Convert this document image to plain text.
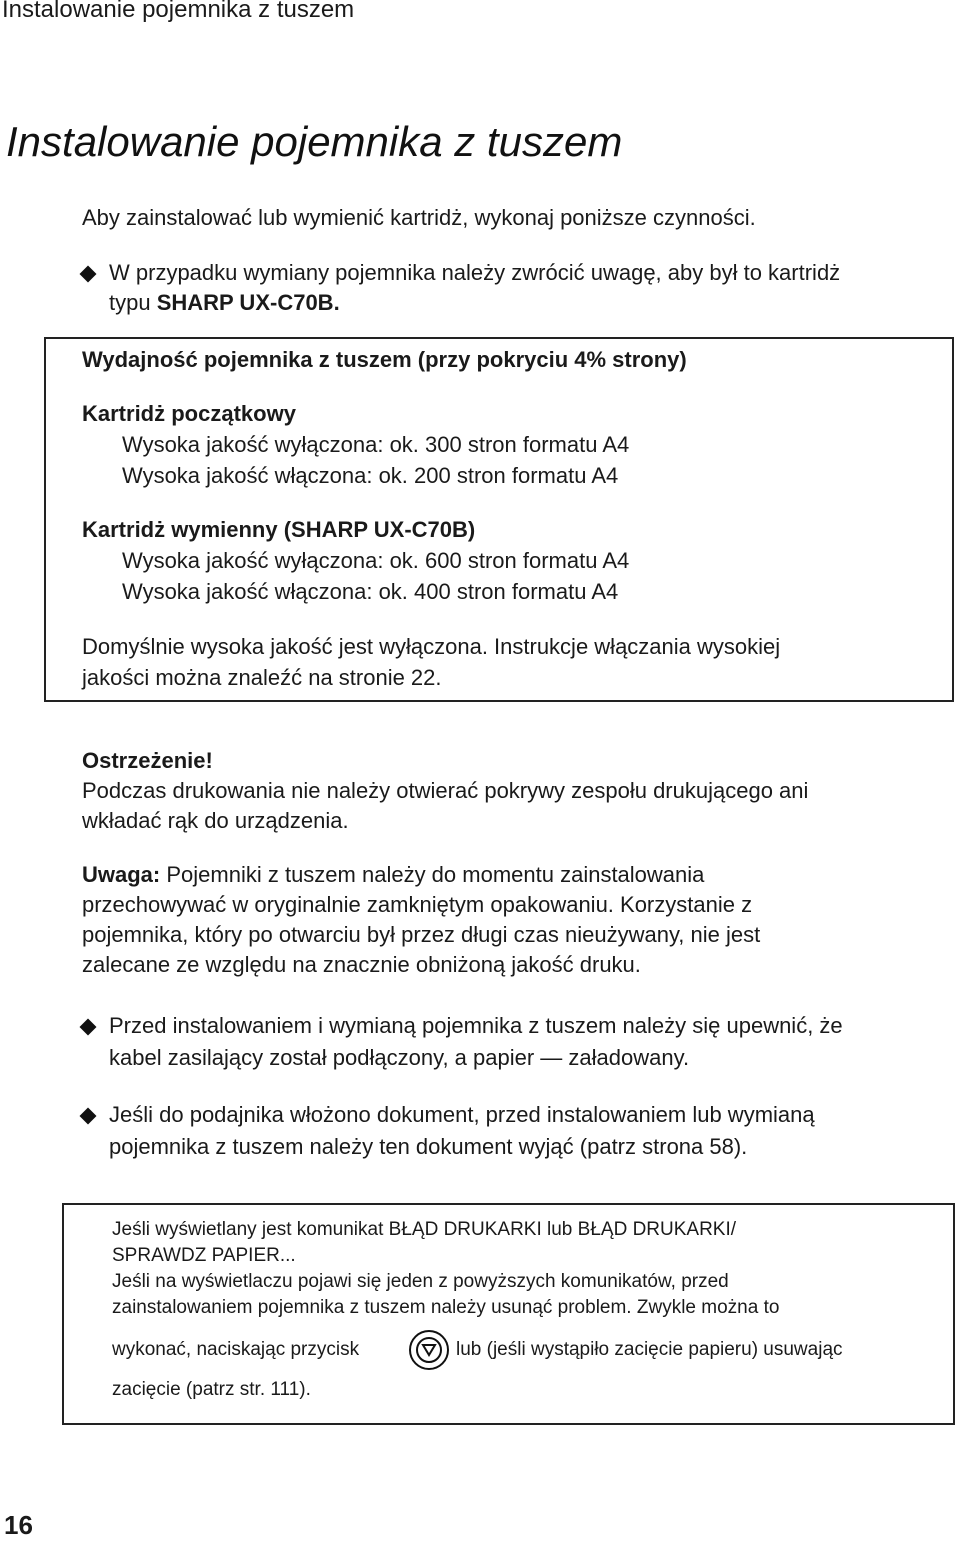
Instalowanie pojemnika z tuszem
Instalowanie pojemnika z tuszem
Aby zainstalować lub wymienić kartridż, wykonaj poniższe czynności.
W przypadku wymiany pojemnika należy zwrócić uwagę, aby był to kartridż
typu SHARP UX-C70B.
Wydajność pojemnika z tuszem (przy pokryciu 4% strony)
Kartridż początkowy
Wysoka jakość wyłączona: ok. 300 stron formatu A4
Wysoka jakość włączona: ok. 200 stron formatu A4
Kartridż wymienny (SHARP UX-C70B)
Wysoka jakość wyłączona: ok. 600 stron formatu A4
Wysoka jakość włączona: ok. 400 stron formatu A4
Domyślnie wysoka jakość jest wyłączona. Instrukcje włączania wysokiej
jakości można znaleźć na stronie 22.
Ostrzeżenie!
Podczas drukowania nie należy otwierać pokrywy zespołu drukującego ani
wkładać rąk do urządzenia.
Uwaga: Pojemniki z tuszem należy do momentu zainstalowania
przechowywać w oryginalnie zamkniętym opakowaniu. Korzystanie z
pojemnika, który po otwarciu był przez długi czas nieużywany, nie jest
zalecane ze względu na znacznie obniżoną jakość druku.
Przed instalowaniem i wymianą pojemnika z tuszem należy się upewnić, że
kabel zasilający został podłączony, a papier — załadowany.
Jeśli do podajnika włożono dokument, przed instalowaniem lub wymianą
pojemnika z tuszem należy ten dokument wyjąć (patrz strona 58).
Jeśli wyświetlany jest komunikat BŁĄD DRUKARKI lub BŁĄD DRUKARKI/
SPRAWDZ PAPIER...
Jeśli na wyświetlaczu pojawi się jeden z powyższych komunikatów, przed
zainstalowaniem pojemnika z tuszem należy usunąć problem. Zwykle można to
wykonać, naciskając przycisk	lub (jeśli wystąpiło zacięcie papieru) usuwając
zacięcie (patrz str. 111).
16
